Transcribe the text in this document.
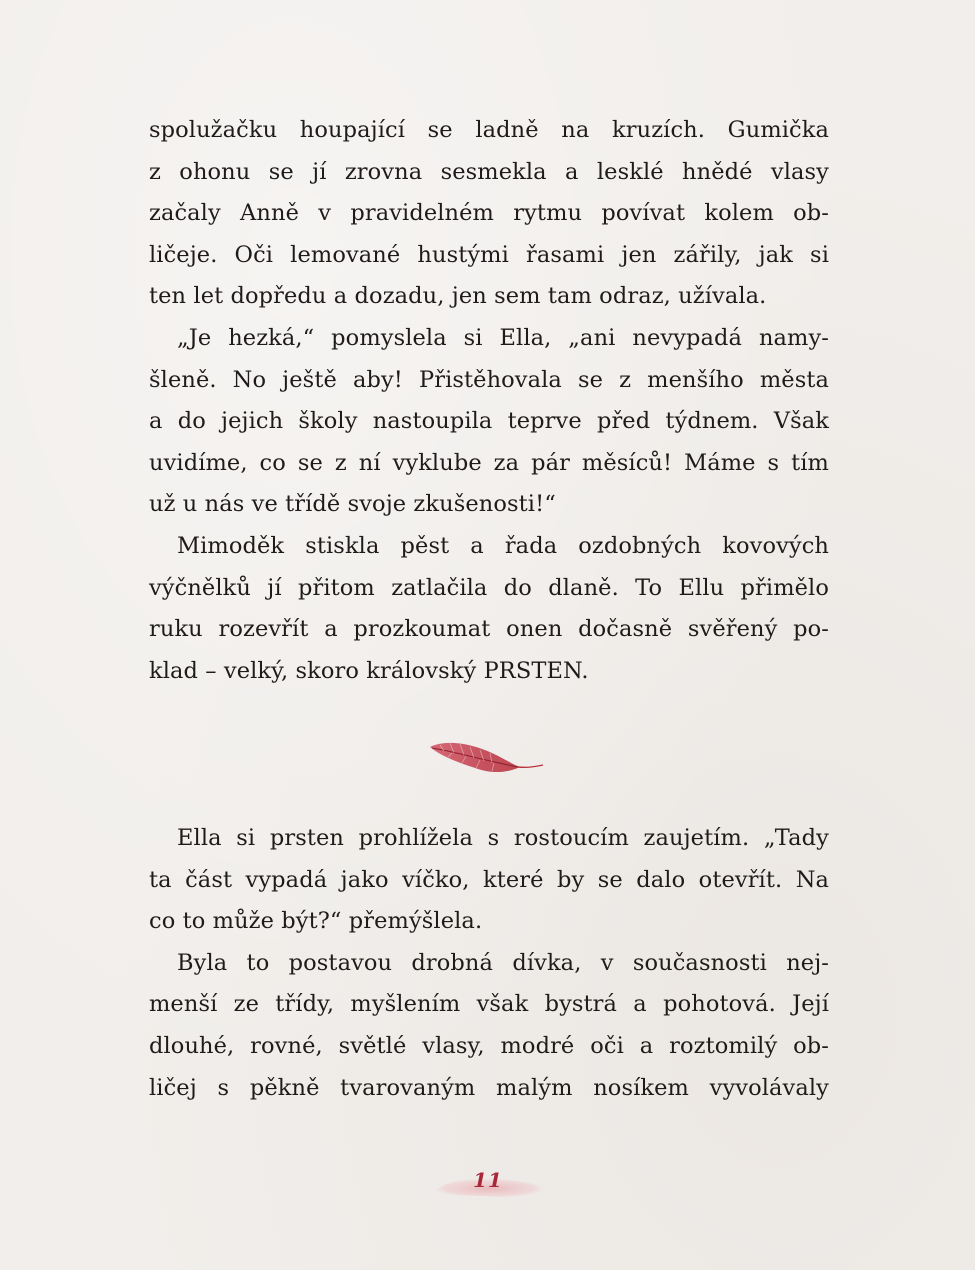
spolužačku houpající se ladně na kruzích. Gumička
z ohonu se jí zrovna sesmekla a lesklé hnědé vlasy
začaly Anně v pravidelném rytmu povívat kolem ob-
ličeje. Oči lemované hustými řasami jen zářily, jak si
ten let dopředu a dozadu, jen sem tam odraz, užívala.
„Je hezká,“ pomyslela si Ella, „ani nevypadá namy-
šleně. No ještě aby! Přistěhovala se z menšího města
a do jejich školy nastoupila teprve před týdnem. Však
uvidíme, co se z ní vyklube za pár měsíců! Máme s tím
už u nás ve třídě svoje zkušenosti!“
Mimoděk stiskla pěst a řada ozdobných kovových
výčnělků jí přitom zatlačila do dlaně. To Ellu přimělo
ruku rozevřít a prozkoumat onen dočasně svěřený po-
klad – velký, skoro královský PRSTEN.
Ella si prsten prohlížela s rostoucím zaujetím. „Tady
ta část vypadá jako víčko, které by se dalo otevřít. Na
co to může být?“ přemýšlela.
Byla to postavou drobná dívka, v současnosti nej-
menší ze třídy, myšlením však bystrá a pohotová. Její
dlouhé, rovné, světlé vlasy, modré oči a roztomilý ob-
ličej s pěkně tvarovaným malým nosíkem vyvolávaly
11
